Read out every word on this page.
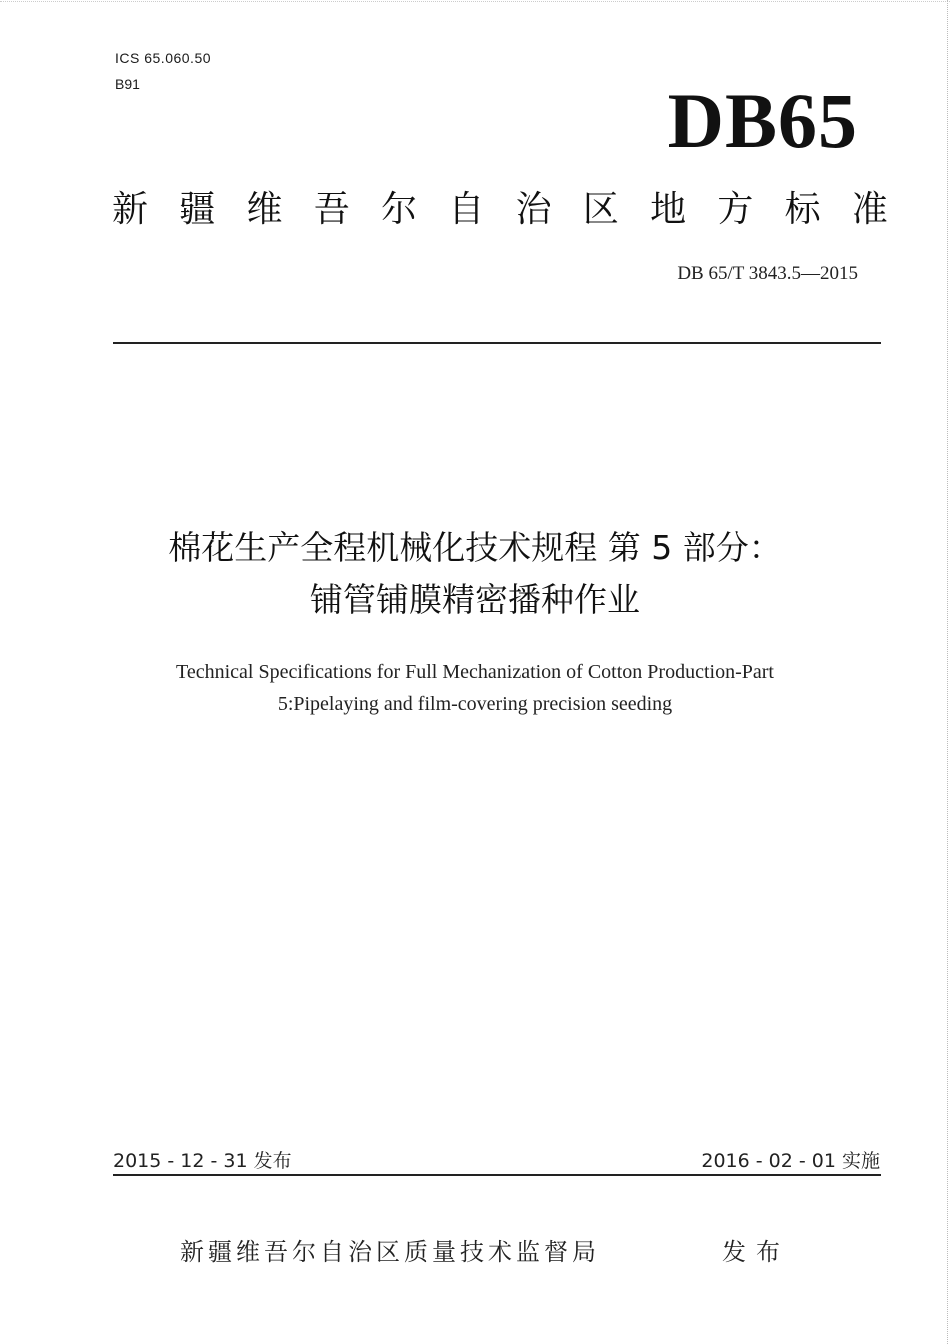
ICS 65.060.50
B91	DB65
新 疆 维 吾 尔 自 治 区 地 方 标 准
DB 65/T 3843.5—2015
棉花生产全程机械化技术规程 第 5 部分：
铺管铺膜精密播种作业
Technical Specifications for Full Mechanization of Cotton Production-Part
5:Pipelaying and film-covering precision seeding
2015 - 12 - 31 发布	2016 - 02 - 01 实施
新疆维吾尔自治区质量技术监督局	发布
